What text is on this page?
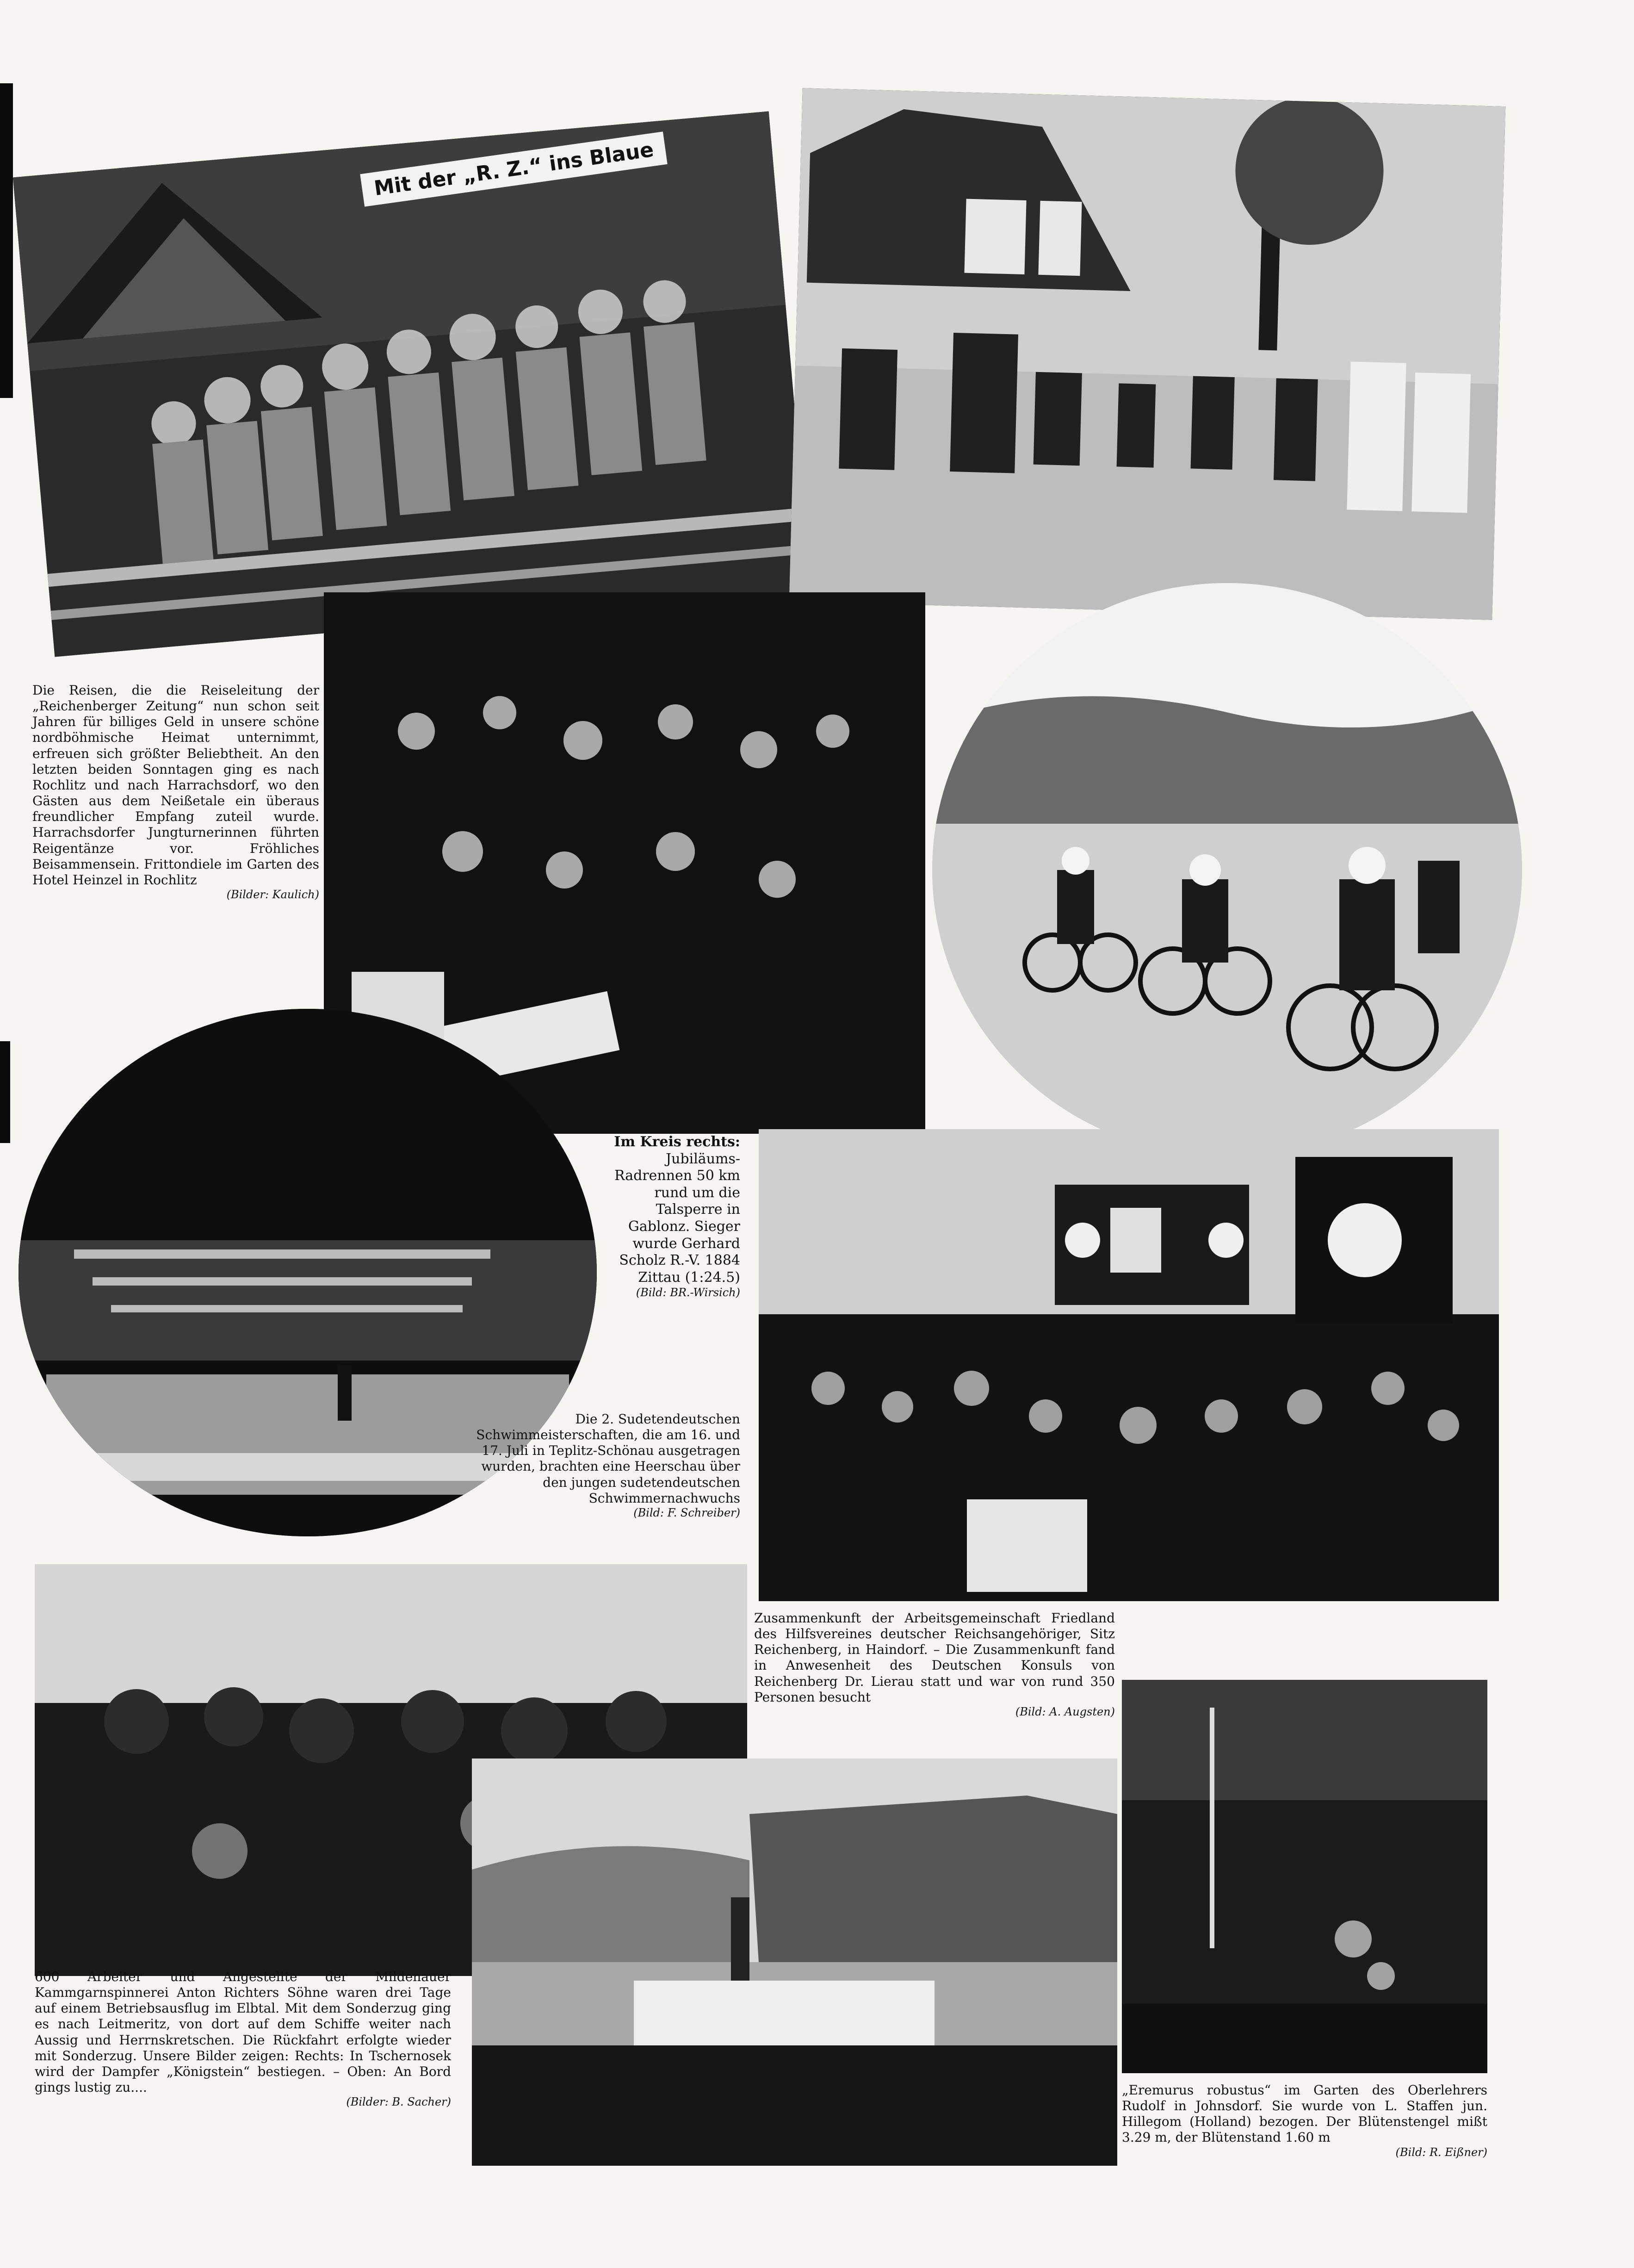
Mit der „R. Z.“ ins Blaue
Die Reisen, die die Reiseleitung der „Reichenberger Zeitung“ nun schon seit Jahren für billiges Geld in unsere schöne nordböhmische Heimat unternimmt, erfreuen sich größter Beliebtheit. An den letzten beiden Sonntagen ging es nach Rochlitz und nach Harrachsdorf, wo den Gästen aus dem Neißetale ein überaus freundlicher Empfang zuteil wurde. Harrachsdorfer Jungturnerinnen führten Reigentänze vor. Fröhliches Beisammensein. Frittondiele im Garten des Hotel Heinzel in Rochlitz
(Bilder: Kaulich)
Im Kreis rechts: Jubiläums-Radrennen 50 km rund um die Talsperre in Gablonz. Sieger wurde Gerhard Scholz R.-V. 1884 Zittau (1:24.5)
(Bild: BR.-Wirsich)
Die 2. Sudetendeutschen Schwimmeisterschaften, die am 16. und 17. Juli in Teplitz-Schönau ausgetragen wurden, brachten eine Heerschau über den jungen sudetendeutschen Schwimmernachwuchs
(Bild: F. Schreiber)
Zusammenkunft der Arbeitsgemeinschaft Friedland des Hilfsvereines deutscher Reichsangehöriger, Sitz Reichenberg, in Haindorf. – Die Zusammenkunft fand in Anwesenheit des Deutschen Konsuls von Reichenberg Dr. Lierau statt und war von rund 350 Personen besucht
(Bild: A. Augsten)
600 Arbeiter und Angestellte der Mildenauer Kammgarnspinnerei Anton Richters Söhne waren drei Tage auf einem Betriebsausflug im Elbtal. Mit dem Sonderzug ging es nach Leitmeritz, von dort auf dem Schiffe weiter nach Aussig und Herrnskretschen. Die Rückfahrt erfolgte wieder mit Sonderzug. Unsere Bilder zeigen: Rechts: In Tschernosek wird der Dampfer „Königstein“ bestiegen. – Oben: An Bord gings lustig zu....
(Bilder: B. Sacher)
„Eremurus robustus“ im Garten des Oberlehrers Rudolf in Johnsdorf. Sie wurde von L. Staffen jun. Hillegom (Holland) bezogen. Der Blütenstengel mißt 3.29 m, der Blütenstand 1.60 m
(Bild: R. Eißner)
